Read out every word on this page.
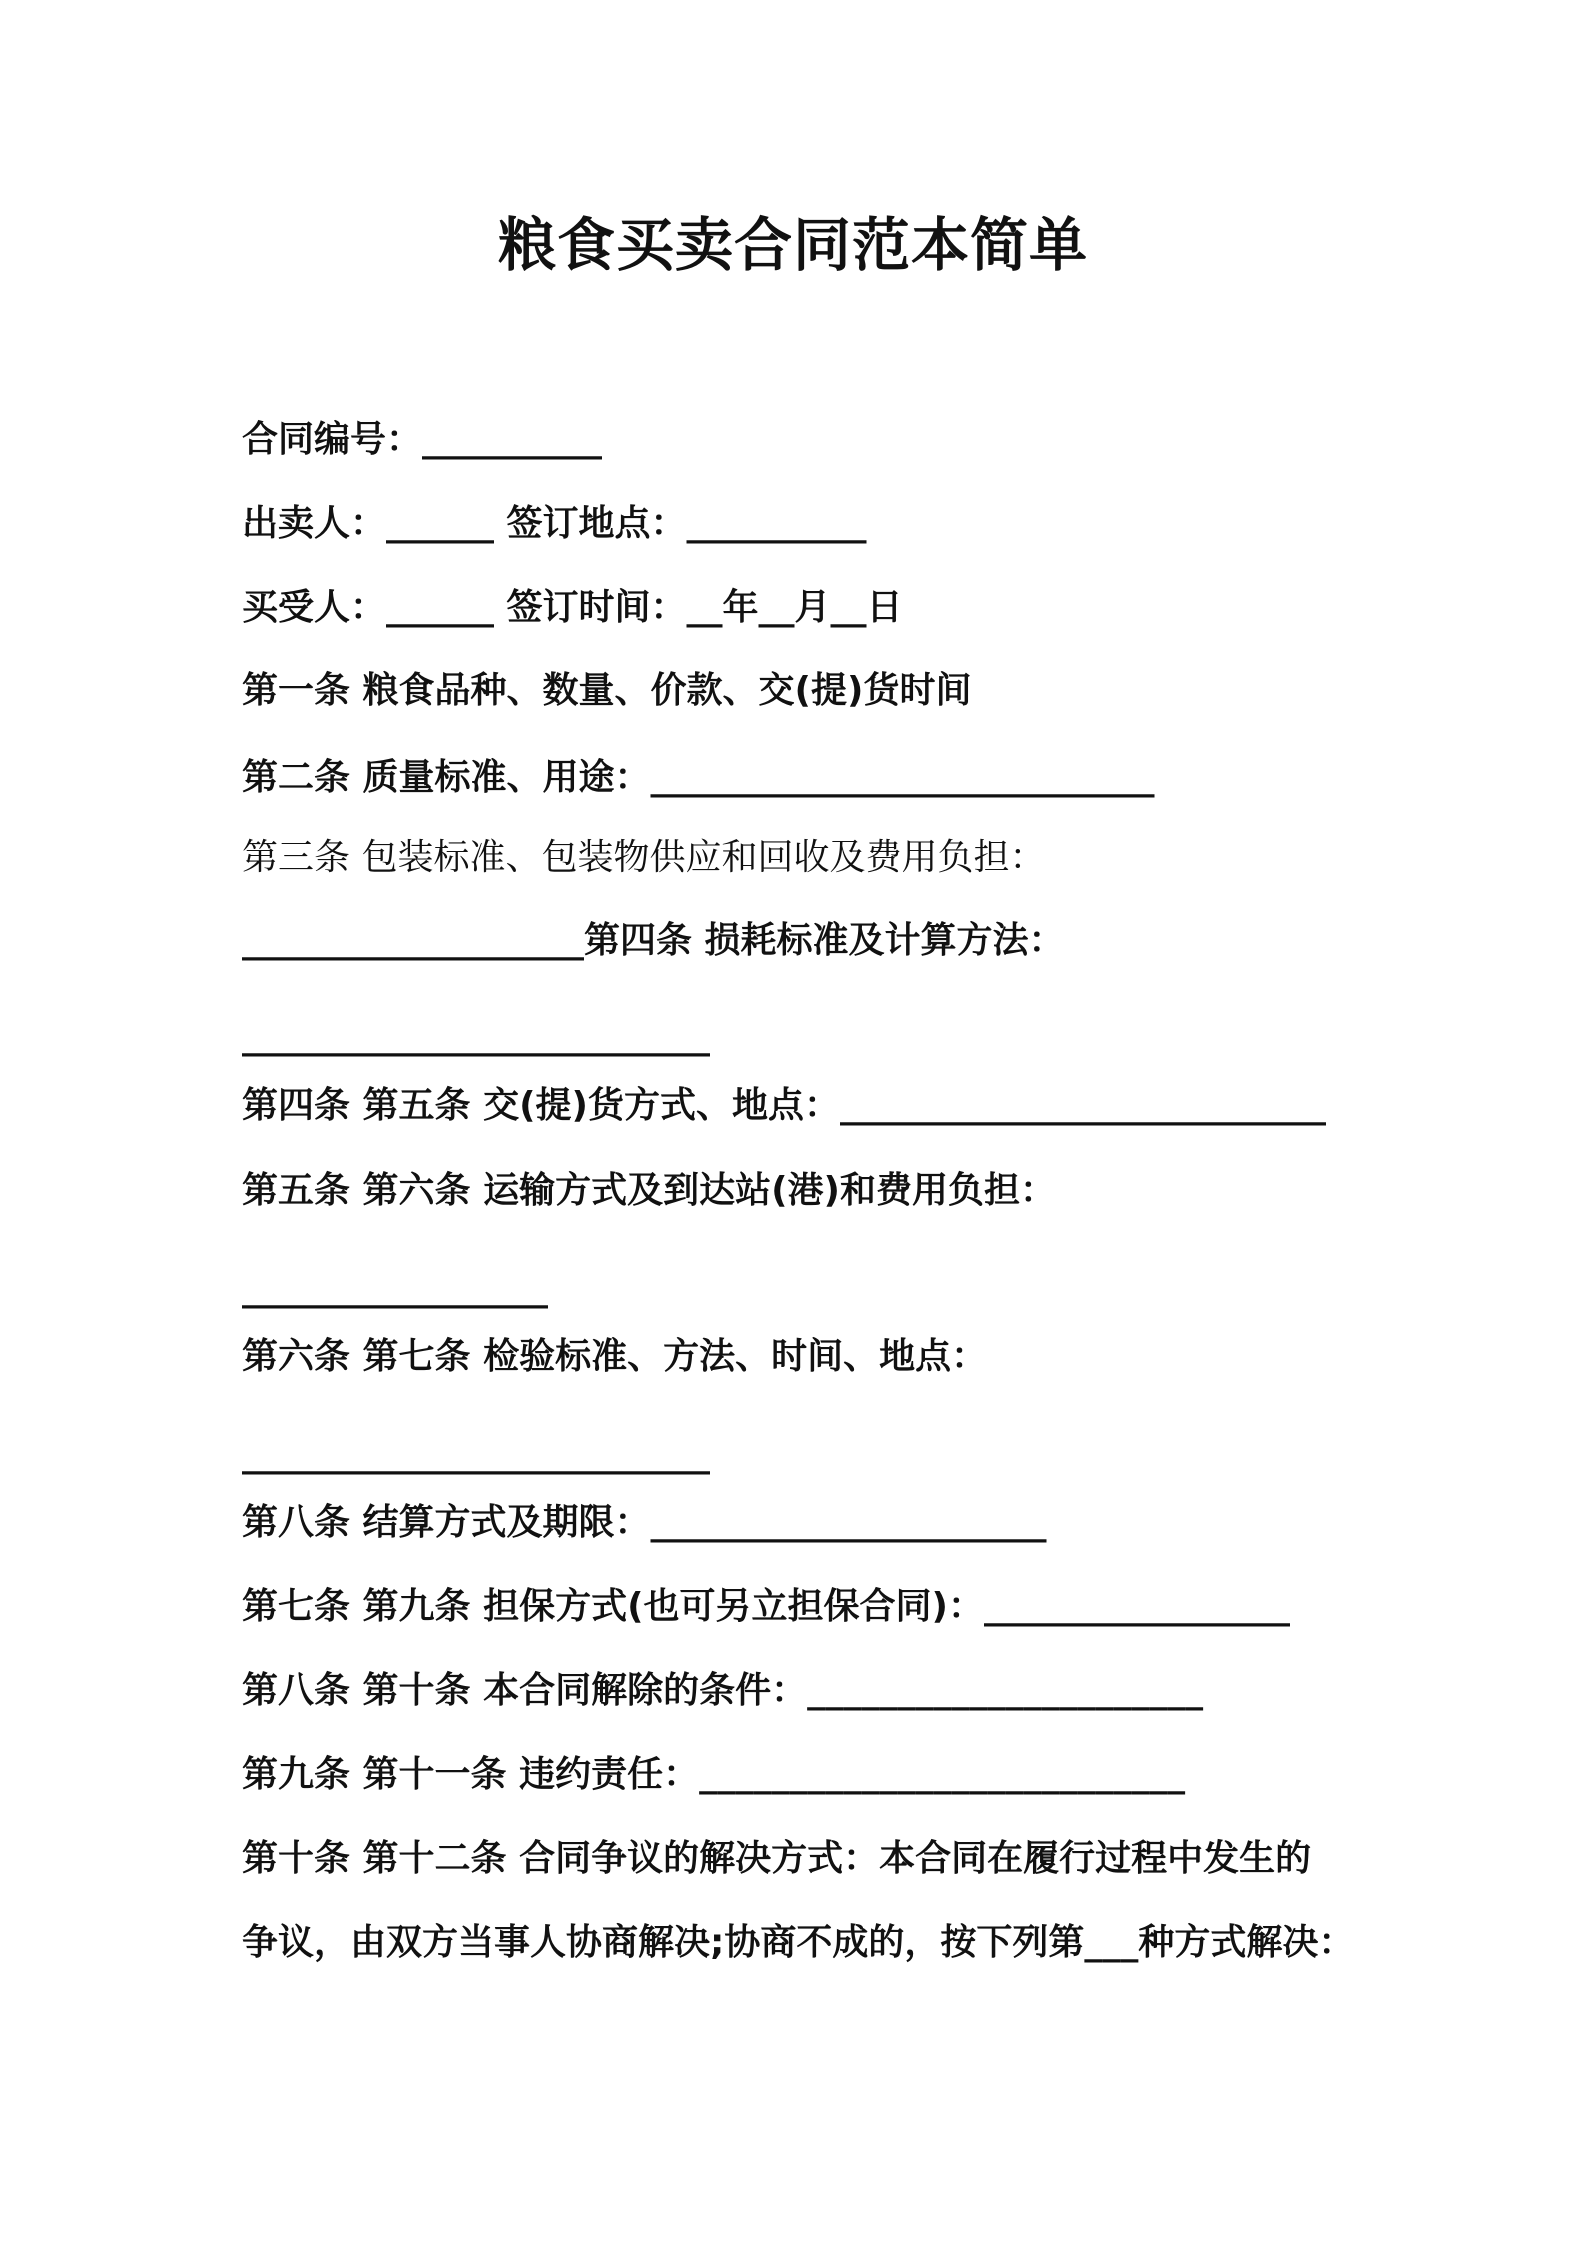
粮食买卖合同范本简单
合同编号：__________
出卖人：______ 签订地点：__________
买受人：______ 签订时间：__年__月__日
第一条 粮食品种、数量、价款、交(提)货时间
第二条 质量标准、用途：____________________________
第三条 包装标准、包装物供应和回收及费用负担：
___________________第四条 损耗标准及计算方法：
__________________________
第四条 第五条 交(提)货方式、地点：___________________________
第五条 第六条 运输方式及到达站(港)和费用负担：
_________________
第六条 第七条 检验标准、方法、时间、地点：
__________________________
第八条 结算方式及期限：______________________
第七条 第九条 担保方式(也可另立担保合同)：_________________
第八条 第十条 本合同解除的条件：______________________
第九条 第十一条 违约责任：___________________________
第十条 第十二条 合同争议的解决方式：本合同在履行过程中发生的
争议，由双方当事人协商解决;协商不成的，按下列第___种方式解决：
